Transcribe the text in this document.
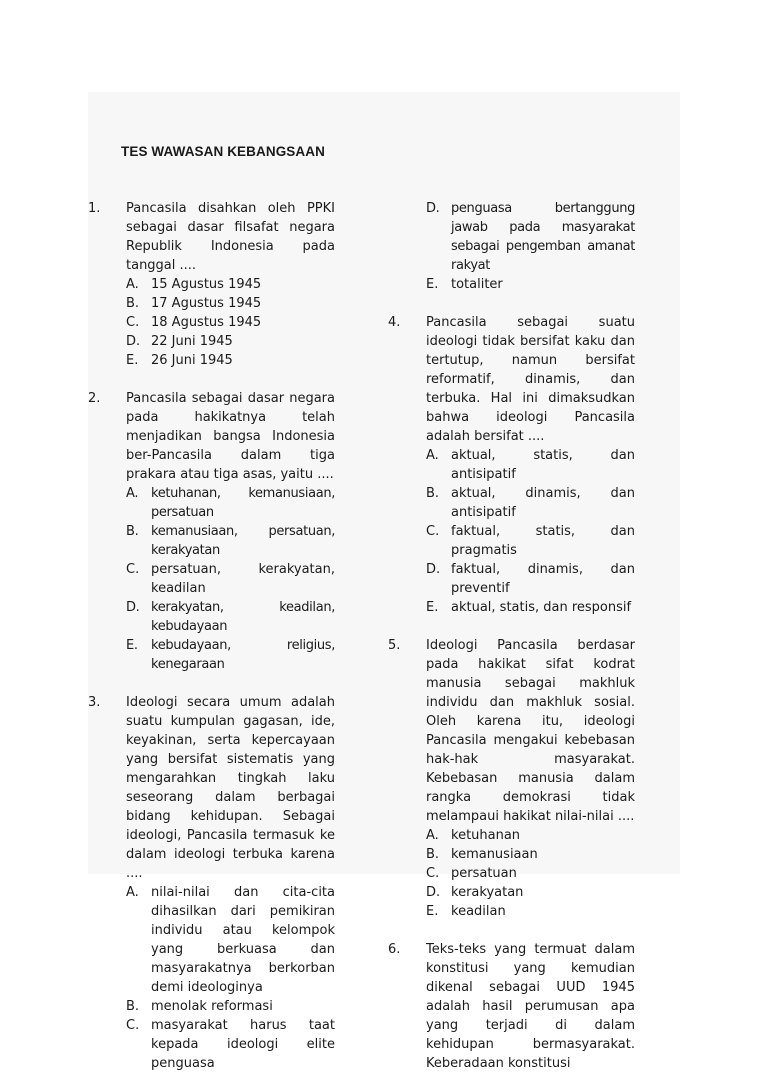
TES WAWASAN KEBANGSAAN
1. Pancasila disahkan oleh PPKI sebagai dasar filsafat negara Republik Indonesia pada tanggal ....
A. 15 Agustus 1945
B. 17 Agustus 1945
C. 18 Agustus 1945
D. 22 Juni 1945
E. 26 Juni 1945
2. Pancasila sebagai dasar negara pada hakikatnya telah menjadikan bangsa Indonesia ber-Pancasila dalam tiga prakara atau tiga asas, yaitu ....
A. ketuhanan, kemanusiaan, persatuan
B. kemanusiaan, persatuan, kerakyatan
C. persatuan, kerakyatan, keadilan
D. kerakyatan, keadilan, kebudayaan
E. kebudayaan, religius, kenegaraan
3. Ideologi secara umum adalah suatu kumpulan gagasan, ide, keyakinan, serta kepercayaan yang bersifat sistematis yang mengarahkan tingkah laku seseorang dalam berbagai bidang kehidupan. Sebagai ideologi, Pancasila termasuk ke dalam ideologi terbuka karena ....
A. nilai-nilai dan cita-cita dihasilkan dari pemikiran individu atau kelompok yang berkuasa dan masyarakatnya berkorban demi ideologinya
B. menolak reformasi
C. masyarakat harus taat kepada ideologi elite penguasa
D. penguasa bertanggung jawab pada masyarakat sebagai pengemban amanat rakyat
E. totaliter
4. Pancasila sebagai suatu ideologi tidak bersifat kaku dan tertutup, namun bersifat reformatif, dinamis, dan terbuka. Hal ini dimaksudkan bahwa ideologi Pancasila adalah bersifat ....
A. aktual, statis, dan antisipatif
B. aktual, dinamis, dan antisipatif
C. faktual, statis, dan pragmatis
D. faktual, dinamis, dan preventif
E. aktual, statis, dan responsif
5. Ideologi Pancasila berdasar pada hakikat sifat kodrat manusia sebagai makhluk individu dan makhluk sosial. Oleh karena itu, ideologi Pancasila mengakui kebebasan hak-hak masyarakat. Kebebasan manusia dalam rangka demokrasi tidak melampaui hakikat nilai-nilai ....
A. ketuhanan
B. kemanusiaan
C. persatuan
D. kerakyatan
E. keadilan
6. Teks-teks yang termuat dalam konstitusi yang kemudian dikenal sebagai UUD 1945 adalah hasil perumusan apa yang terjadi di dalam kehidupan bermasyarakat. Keberadaan konstitusi
